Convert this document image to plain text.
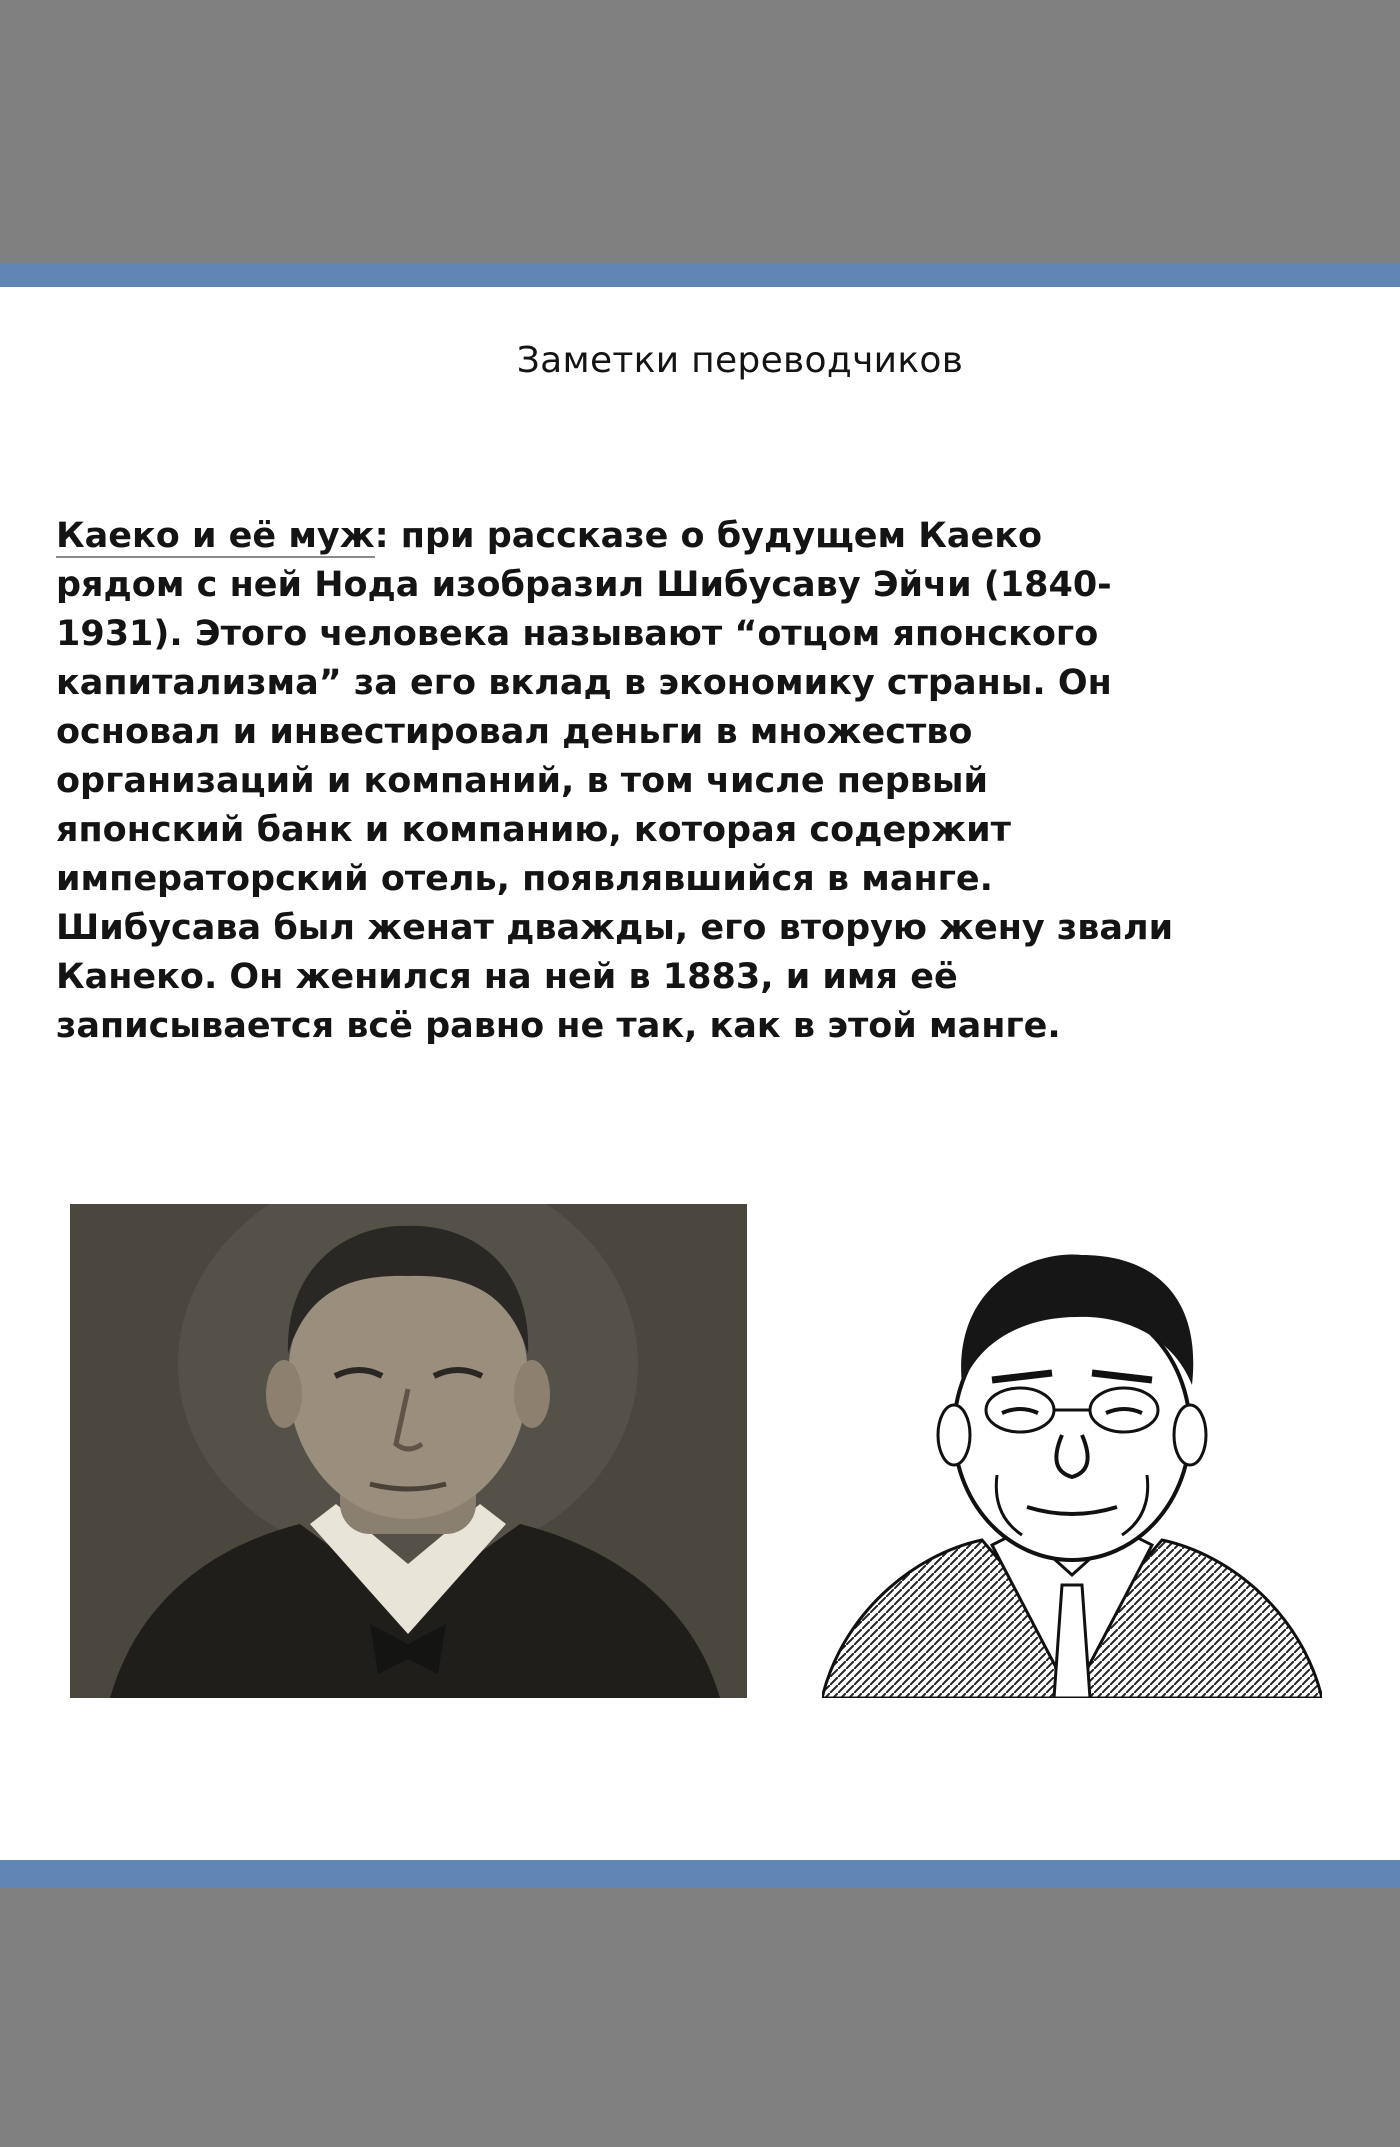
Заметки переводчиков

Каеко и её муж: при рассказе о будущем Каеко рядом с ней Нода изобразил Шибусаву Эйчи (1840-1931). Этого человека называют “отцом японского капитализма” за его вклад в экономику страны. Он основал и инвестировал деньги в множество организаций и компаний, в том числе первый японский банк и компанию, которая содержит императорский отель, появлявшийся в манге. Шибусава был женат дважды, его вторую жену звали Канеко. Он женился на ней в 1883, и имя её записывается всё равно не так, как в этой манге.
